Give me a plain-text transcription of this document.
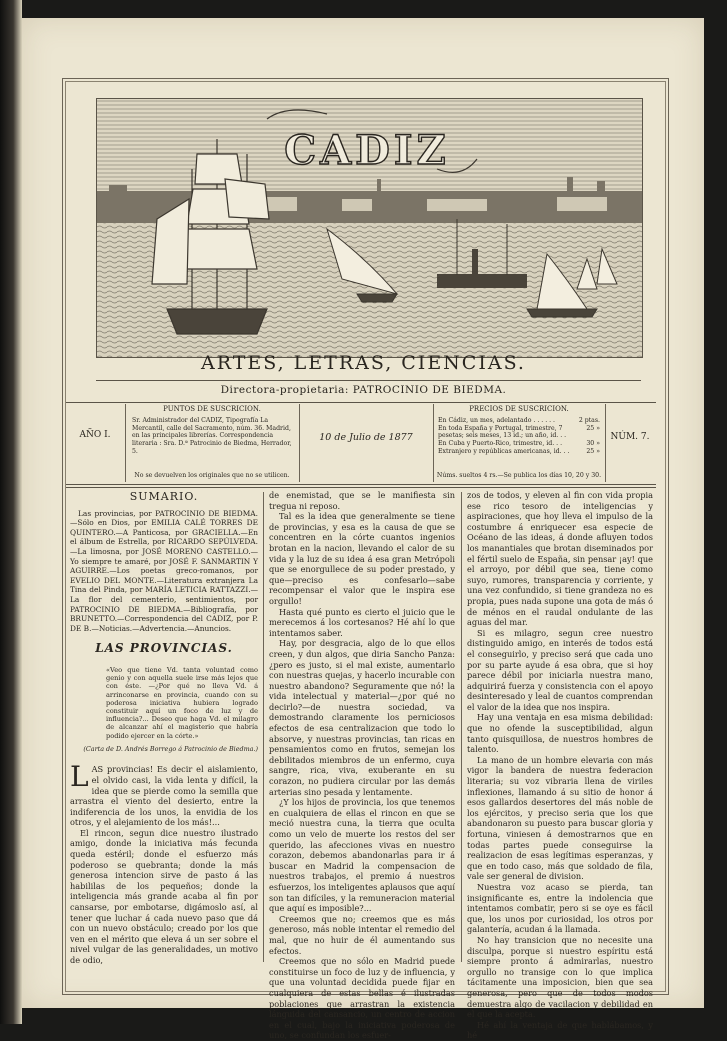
CADIZ
ARTES, LETRAS, CIENCIAS.
Directora-propietaria: PATROCINIO DE BIEDMA.
AÑO I.
PUNTOS DE SUSCRICION.
Sr. Administrador del CADIZ, Tipografía La Mercantil, calle del Sacramento, núm. 36. Madrid, en las principales librerías. Correspondencia literaria : Sra. D.ª Patrocinio de Biedma, Herrador, 5.
No se devuelven los originales que no se utilicen.
10 de Julio de 1877
PRECIOS DE SUSCRICION.
En Cádiz, un mes, adelantado . . . . . .	2 ptas.
En toda España y Portugal, trimestre, 7 pesetas; seis meses, 13 id.; un año, id. . .
25 »
En Cuba y Puerto-Rico, trimestre, id. . .	30 »
Extranjero y repúblicas americanas, id. . .	25 »
Núms. sueltos 4 rs.—Se publica los días 10, 20 y 30.
NÚM. 7.
SUMARIO.

Las provincias, por PATROCINIO DE BIEDMA.—Sólo en Dios, por EMILIA CALÉ TORRES DE QUINTERO.—A Panticosa, por GRACIELLA.—En el álbum de Estrella, por RICARDO SEPÚLVEDA.—La limosna, por JOSÉ MORENO CASTELLO.—Yo siempre te amaré, por JOSÉ F. SANMARTIN Y AGUIRRE.—Los poetas greco-romanos, por EVELIO DEL MONTE.—Literatura extranjera La Tina del Pinda, por MARÍA LETICIA RATTAZZI.—La flor del cementerio, sentimientos, por PATROCINIO DE BIEDMA.—Bibliografía, por BRUNETTO.—Correspondencia del CADIZ, por P. DE B.—Noticias.—Advertencia.—Anuncios.

LAS PROVINCIAS.
«Veo que tiene Vd. tanta voluntad como genio y con aquella suele irse más lejos que con éste. —¿Por qué no lleva Vd. á arrinconarse en provincia, cuando con su poderosa iniciativa hubiera logrado constituir aquí un foco de luz y de influencia?... Deseo que haga Vd. el milagro de alcanzar ahí el magisterio que habría podido ejercer en la córte.»
(Carta de D. Andrés Borrego á Patrocinio de Biedma.)

LAS provincias! Es decir el aislamiento, el olvido casi, la vida lenta y difícil, la idea que se pierde como la semilla que arrastra el viento del desierto, entre la indiferencia de los unos, la envidia de los otros, y el alejamiento de los más!...

El rincon, segun dice nuestro ilustrado amigo, donde la iniciativa más fecunda queda estéril; donde el esfuerzo más poderoso se quebranta; donde la más generosa intencion sirve de pasto á las habililas de los pequeños; donde la inteligencia más grande acaba al fin por cansarse, por embotarse, digámoslo así, al tener que luchar á cada nuevo paso que dá con un nuevo obstáculo; creado por los que ven en el mérito que eleva á un ser sobre el nivel vulgar de las generalidades, un motivo de odio,

de enemistad, que se le manifiesta sin tregua ni reposo.

Tal es la idea que generalmente se tiene de provincias, y esa es la causa de que se concentren en la córte cuantos ingenios brotan en la nacion, llevando el calor de su vida y la luz de su idea á esa gran Metrópoli que se enorgullece de su poder prestado, y que—preciso es confesarlo—sabe recompensar el valor que le inspira ese orgullo!

Hasta qué punto es cierto el juicio que le merecemos á los cortesanos? Hé ahí lo que intentamos saber.

Hay, por desgracia, algo de lo que ellos creen, y dun algos, que diria Sancho Panza: ¿pero es justo, si el mal existe, aumentarlo con nuestras quejas, y hacerlo incurable con nuestro abandono? Seguramente que nó! la vida intelectual y material—¿por qué no decirlo?—de nuestra sociedad, va demostrando claramente los perniciosos efectos de esa centralizacion que todo lo absorve, y nuestras provincias, tan ricas en pensamientos como en frutos, semejan los debilitados miembros de un enfermo, cuya sangre, rica, viva, exuberante en su corazon, no pudiera circular por las demás arterias sino pesada y lentamente.

¿Y los hijos de provincia, los que tenemos en cualquiera de ellas el rincon en que se meció nuestra cuna, la tierra que oculta como un velo de muerte los restos del ser querido, las afecciones vivas en nuestro corazon, debemos abandonarlas para ir á buscar en Madrid la compensacion de nuestros trabajos, el premio á nuestros esfuerzos, los inteligentes aplausos que aquí son tan difíciles, y la remuneracion material que aquí es imposible?...

Creemos que no; creemos que es más generoso, más noble intentar el remedio del mal, que no huir de él aumentando sus efectos.

Creemos que no sólo en Madrid puede constituirse un foco de luz y de influencia, y que una voluntad decidida puede fijar en cualquiera de estas bellas é ilustradas poblaciones que arrastran la existencia lánguida del cansancio, un centro de accion en el cual, bajo la iniciativa poderosa de uno, se confundan los esfuer-

zos de todos, y eleven al fin con vida propia ese rico tesoro de inteligencias y aspiraciones, que hoy lleva el impulso de la costumbre á enriquecer esa especie de Océano de las ideas, á donde afluyen todos los manantiales que brotan diseminados por el fértil suelo de España, sin pensar ¡ay! que el arroyo, por débil que sea, tiene como suyo, rumores, transparencia y corriente, y una vez confundido, si tiene grandeza no es propia, pues nada supone una gota de más ó de ménos en el raudal ondulante de las aguas del mar.

Si es milagro, segun cree nuestro distinguido amigo, en interés de todos está el conseguirlo, y preciso será que cada uno por su parte ayude á esa obra, que si hoy parece débil por iniciarla nuestra mano, adquirirá fuerza y consistencia con el apoyo desinteresado y leal de cuantos comprendan el valor de la idea que nos inspira.

Hay una ventaja en esa misma debilidad: que no ofende la susceptibilidad, algun tanto quisquillosa, de nuestros hombres de talento.

La mano de un hombre elevaria con más vigor la bandera de nuestra federacion literaria; su voz vibraria llena de viriles inflexiones, llamando á su sitio de honor á esos gallardos desertores del más noble de los ejércitos, y preciso seria que los que abandonaron su puesto para buscar gloria y fortuna, viniesen á demostrarnos que en todas partes puede conseguirse la realizacion de esas legítimas esperanzas, y que en todo caso, más que soldado de fila, vale ser general de division.

Nuestra voz acaso se pierda, tan insignificante es, entre la indolencia que intentamos combatir, pero si se oye es fácil que, los unos por curiosidad, los otros por galantería, acudan á la llamada.

No hay transicion que no necesite una disculpa, porque si nuestro espíritu está siempre pronto á admirarlas, nuestro orgullo no transige con lo que implica tácitamente una imposicion, bien que sea generosa, pero que de todos modos demuestra algo de vacilacion y debilidad en el que la acepta.

Hé ahí la ventaja de que hablábamos, y hé
